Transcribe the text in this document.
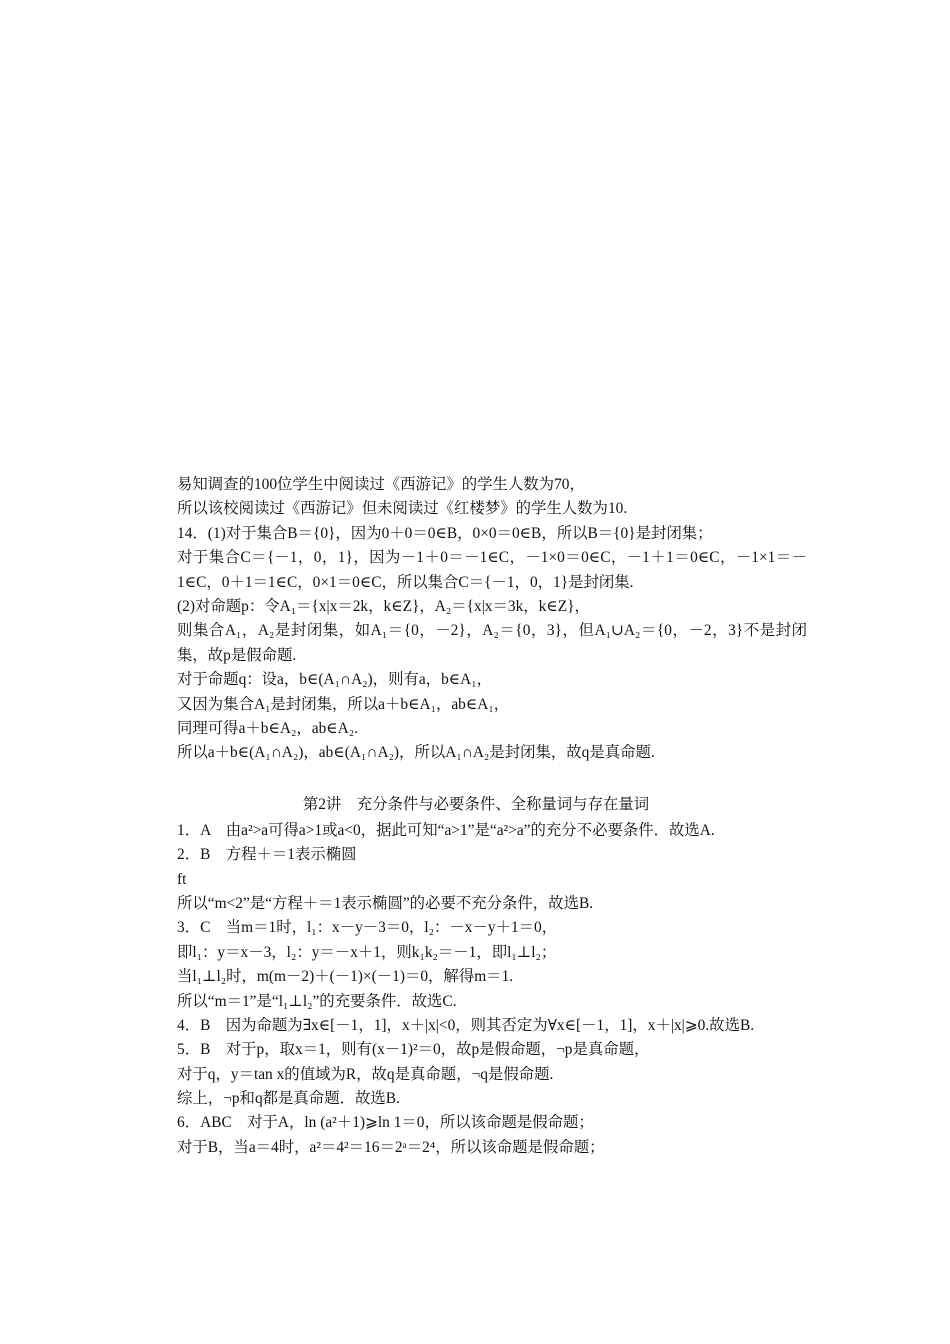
易知调查的100位学生中阅读过《西游记》的学生人数为70，
所以该校阅读过《西游记》但未阅读过《红楼梦》的学生人数为10.
14．(1)对于集合B＝{0}，因为0＋0＝0∈B，0×0＝0∈B，所以B＝{0}是封闭集；
对于集合C＝{－1，0，1}，因为－1＋0＝－1∈C，－1×0＝0∈C，－1＋1＝0∈C，－1×1＝－1∈C，0＋1＝1∈C，0×1＝0∈C，所以集合C＝{－1，0，1}是封闭集.
(2)对命题p：令A₁＝{x|x＝2k，k∈Z}，A₂＝{x|x＝3k，k∈Z}，
则集合A₁，A₂是封闭集，如A₁＝{0，－2}，A₂＝{0，3}，但A₁∪A₂＝{0，－2，3}不是封闭集，故p是假命题.
对于命题q：设a，b∈(A₁∩A₂)，则有a，b∈A₁，
又因为集合A₁是封闭集，所以a＋b∈A₁，ab∈A₁，
同理可得a＋b∈A₂，ab∈A₂.
所以a＋b∈(A₁∩A₂)，ab∈(A₁∩A₂)，所以A₁∩A₂是封闭集，故q是真命题.
第2讲　充分条件与必要条件、全称量词与存在量词
1．A　由a²>a可得a>1或a<0，据此可知“a>1”是“a²>a”的充分不必要条件．故选A.
2．B　方程＋＝1表示椭圆
ft
所以“m<2”是“方程＋＝1表示椭圆”的必要不充分条件，故选B.
3．C　当m＝1时，l₁：x－y－3＝0，l₂：－x－y＋1＝0，
即l₁：y＝x－3，l₂：y＝－x＋1，则k₁k₂＝－1，即l₁⊥l₂；
当l₁⊥l₂时，m(m－2)＋(－1)×(－1)＝0，解得m＝1.
所以“m＝1”是“l₁⊥l₂”的充要条件．故选C.
4．B　因为命题为∃x∈[－1，1]，x＋|x|<0，则其否定为∀x∈[－1，1]，x＋|x|⩾0.故选B.
5．B　对于p，取x＝1，则有(x－1)²＝0，故p是假命题，¬p是真命题，
对于q，y＝tan x的值域为R，故q是真命题，¬q是假命题.
综上，¬p和q都是真命题．故选B.
6．ABC　对于A，ln (a²＋1)⩾ln 1＝0，所以该命题是假命题；
对于B，当a＝4时，a²＝4²＝16＝2ᵃ＝2⁴，所以该命题是假命题；
